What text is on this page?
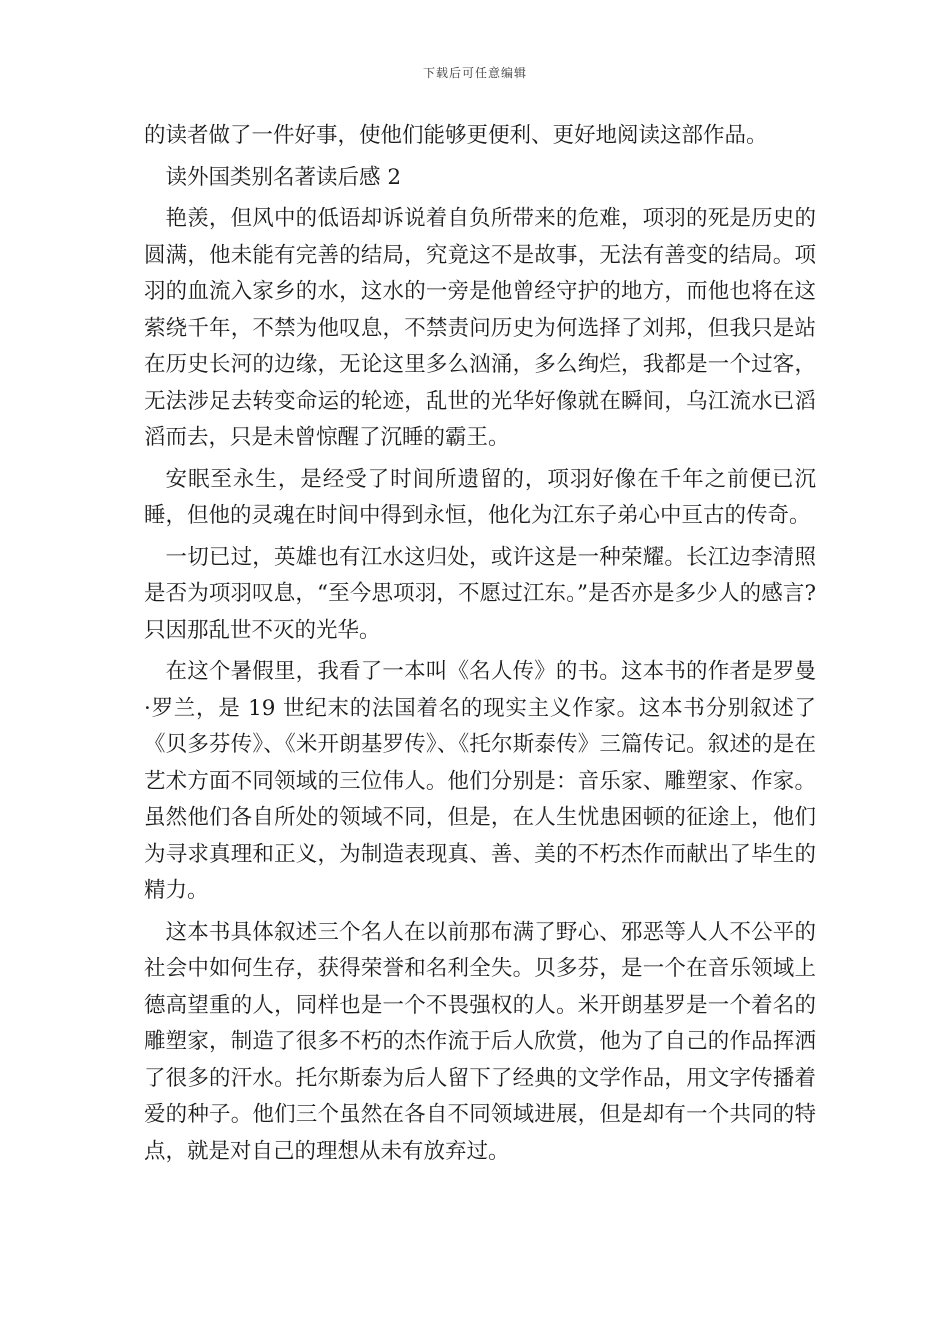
下载后可任意编辑

的读者做了一件好事，使他们能够更便利、更好地阅读这部作品。

读外国类别名著读后感 2

艳羡，但风中的低语却诉说着自负所带来的危难，项羽的死是历史的圆满，他未能有完善的结局，究竟这不是故事，无法有善变的结局。项羽的血流入家乡的水，这水的一旁是他曾经守护的地方，而他也将在这萦绕千年，不禁为他叹息，不禁责问历史为何选择了刘邦，但我只是站在历史长河的边缘，无论这里多么汹涌，多么绚烂，我都是一个过客，无法涉足去转变命运的轮迹，乱世的光华好像就在瞬间，乌江流水已滔滔而去，只是未曾惊醒了沉睡的霸王。

安眠至永生，是经受了时间所遗留的，项羽好像在千年之前便已沉睡，但他的灵魂在时间中得到永恒，他化为江东子弟心中亘古的传奇。

一切已过，英雄也有江水这归处，或许这是一种荣耀。长江边李清照是否为项羽叹息，“至今思项羽，不愿过江东。”是否亦是多少人的感言?只因那乱世不灭的光华。

在这个暑假里，我看了一本叫《名人传》的书。这本书的作者是罗曼·罗兰，是 19 世纪末的法国着名的现实主义作家。这本书分别叙述了《贝多芬传》、《米开朗基罗传》、《托尔斯泰传》三篇传记。叙述的是在艺术方面不同领域的三位伟人。他们分别是：音乐家、雕塑家、作家。虽然他们各自所处的领域不同，但是，在人生忧患困顿的征途上，他们为寻求真理和正义，为制造表现真、善、美的不朽杰作而献出了毕生的精力。

这本书具体叙述三个名人在以前那布满了野心、邪恶等人人不公平的社会中如何生存，获得荣誉和名利全失。贝多芬，是一个在音乐领域上德高望重的人，同样也是一个不畏强权的人。米开朗基罗是一个着名的雕塑家，制造了很多不朽的杰作流于后人欣赏，他为了自己的作品挥洒了很多的汗水。托尔斯泰为后人留下了经典的文学作品，用文字传播着爱的种子。他们三个虽然在各自不同领域进展，但是却有一个共同的特点，就是对自己的理想从未有放弃过。
